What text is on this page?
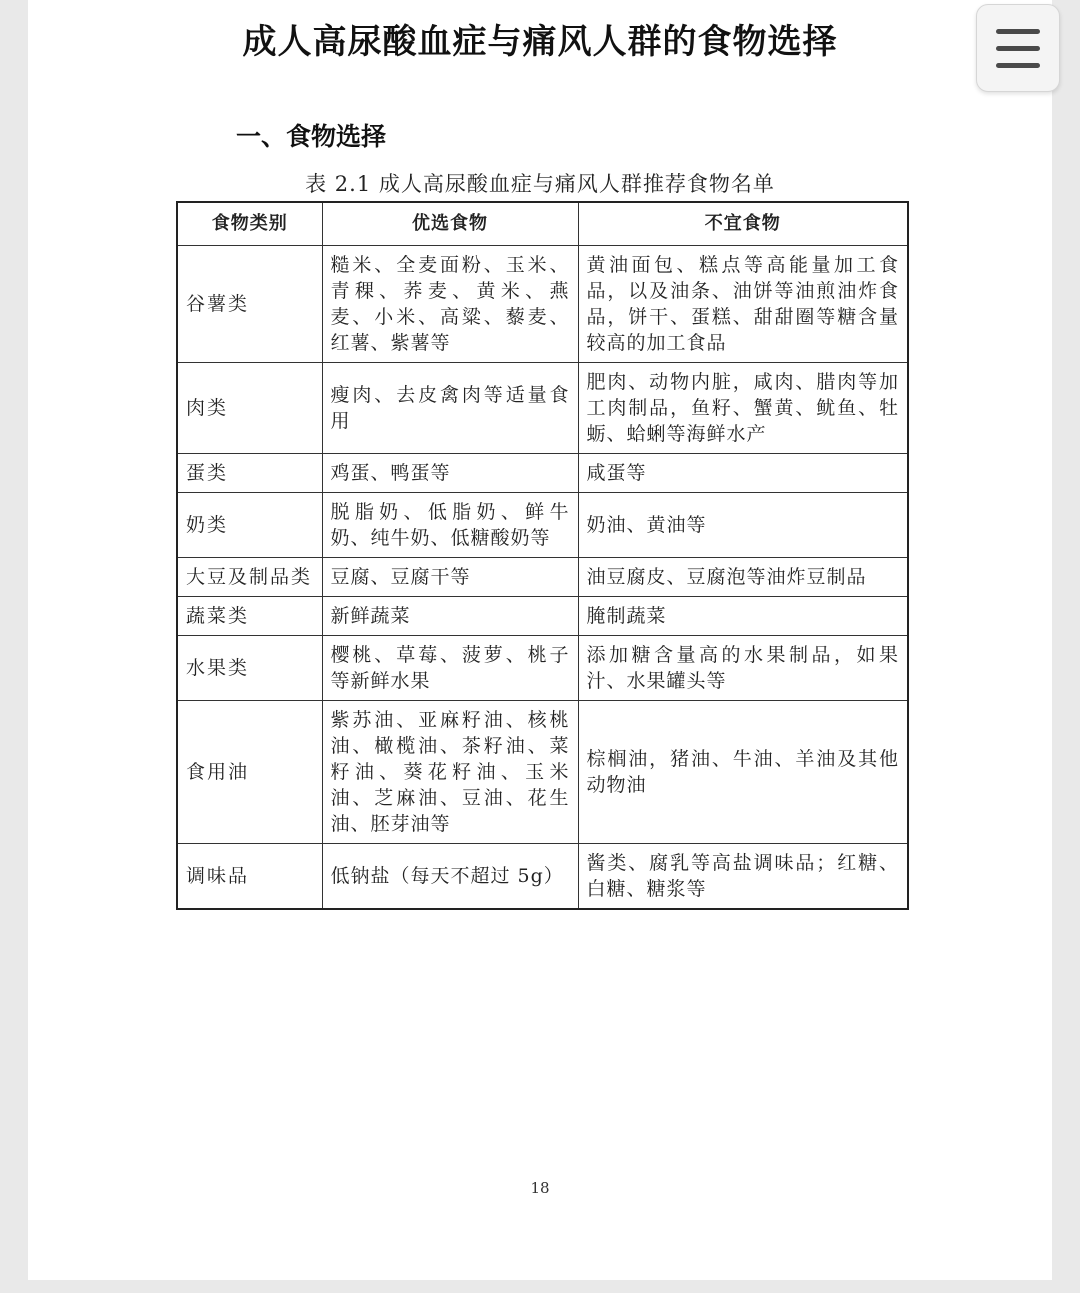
成人高尿酸血症与痛风人群的食物选择
一、食物选择
表 2.1 成人高尿酸血症与痛风人群推荐食物名单
食物类别	优选食物	不宜食物
谷薯类	糙米、全麦面粉、玉米、青稞、荞麦、黄米、燕麦、小米、高粱、藜麦、红薯、紫薯等	黄油面包、糕点等高能量加工食品，以及油条、油饼等油煎油炸食品，饼干、蛋糕、甜甜圈等糖含量较高的加工食品
肉类	瘦肉、去皮禽肉等适量食用	肥肉、动物内脏，咸肉、腊肉等加工肉制品，鱼籽、蟹黄、鱿鱼、牡蛎、蛤蜊等海鲜水产
蛋类	鸡蛋、鸭蛋等	咸蛋等
奶类	脱脂奶、低脂奶、鲜牛奶、纯牛奶、低糖酸奶等	奶油、黄油等
大豆及制品类	豆腐、豆腐干等	油豆腐皮、豆腐泡等油炸豆制品
蔬菜类	新鲜蔬菜	腌制蔬菜
水果类	樱桃、草莓、菠萝、桃子等新鲜水果	添加糖含量高的水果制品，如果汁、水果罐头等
食用油	紫苏油、亚麻籽油、核桃油、橄榄油、茶籽油、菜籽油、葵花籽油、玉米油、芝麻油、豆油、花生油、胚芽油等	棕榈油，猪油、牛油、羊油及其他动物油
调味品	低钠盐（每天不超过 5g）	酱类、腐乳等高盐调味品；红糖、白糖、糖浆等
18
